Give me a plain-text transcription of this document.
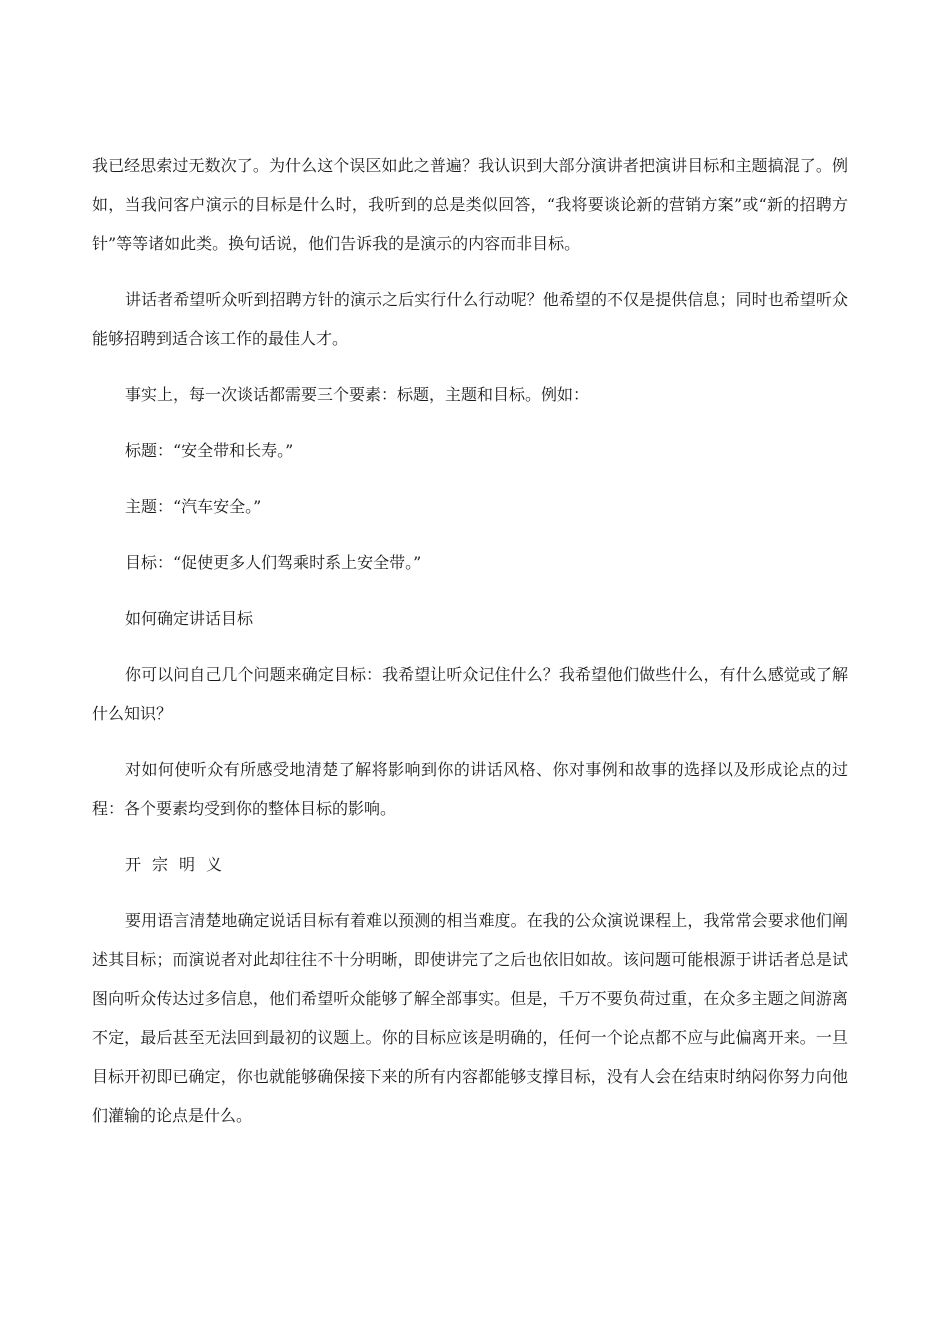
我已经思索过无数次了。为什么这个误区如此之普遍？我认识到大部分演讲者把演讲目标和主题搞混了。例如，当我问客户演示的目标是什么时，我听到的总是类似回答，“我将要谈论新的营销方案”或“新的招聘方针”等等诸如此类。换句话说，他们告诉我的是演示的内容而非目标。

讲话者希望听众听到招聘方针的演示之后实行什么行动呢？他希望的不仅是提供信息；同时也希望听众能够招聘到适合该工作的最佳人才。

事实上，每一次谈话都需要三个要素：标题，主题和目标。例如：

标题：“安全带和长寿。”

主题：“汽车安全。”

目标：“促使更多人们驾乘时系上安全带。”

如何确定讲话目标

你可以问自己几个问题来确定目标：我希望让听众记住什么？我希望他们做些什么，有什么感觉或了解什么知识？

对如何使听众有所感受地清楚了解将影响到你的讲话风格、你对事例和故事的选择以及形成论点的过程：各个要素均受到你的整体目标的影响。

开宗明义

要用语言清楚地确定说话目标有着难以预测的相当难度。在我的公众演说课程上，我常常会要求他们阐述其目标；而演说者对此却往往不十分明晰，即使讲完了之后也依旧如故。该问题可能根源于讲话者总是试图向听众传达过多信息，他们希望听众能够了解全部事实。但是，千万不要负荷过重，在众多主题之间游离不定，最后甚至无法回到最初的议题上。你的目标应该是明确的，任何一个论点都不应与此偏离开来。一旦目标开初即已确定，你也就能够确保接下来的所有内容都能够支撑目标，没有人会在结束时纳闷你努力向他们灌输的论点是什么。
